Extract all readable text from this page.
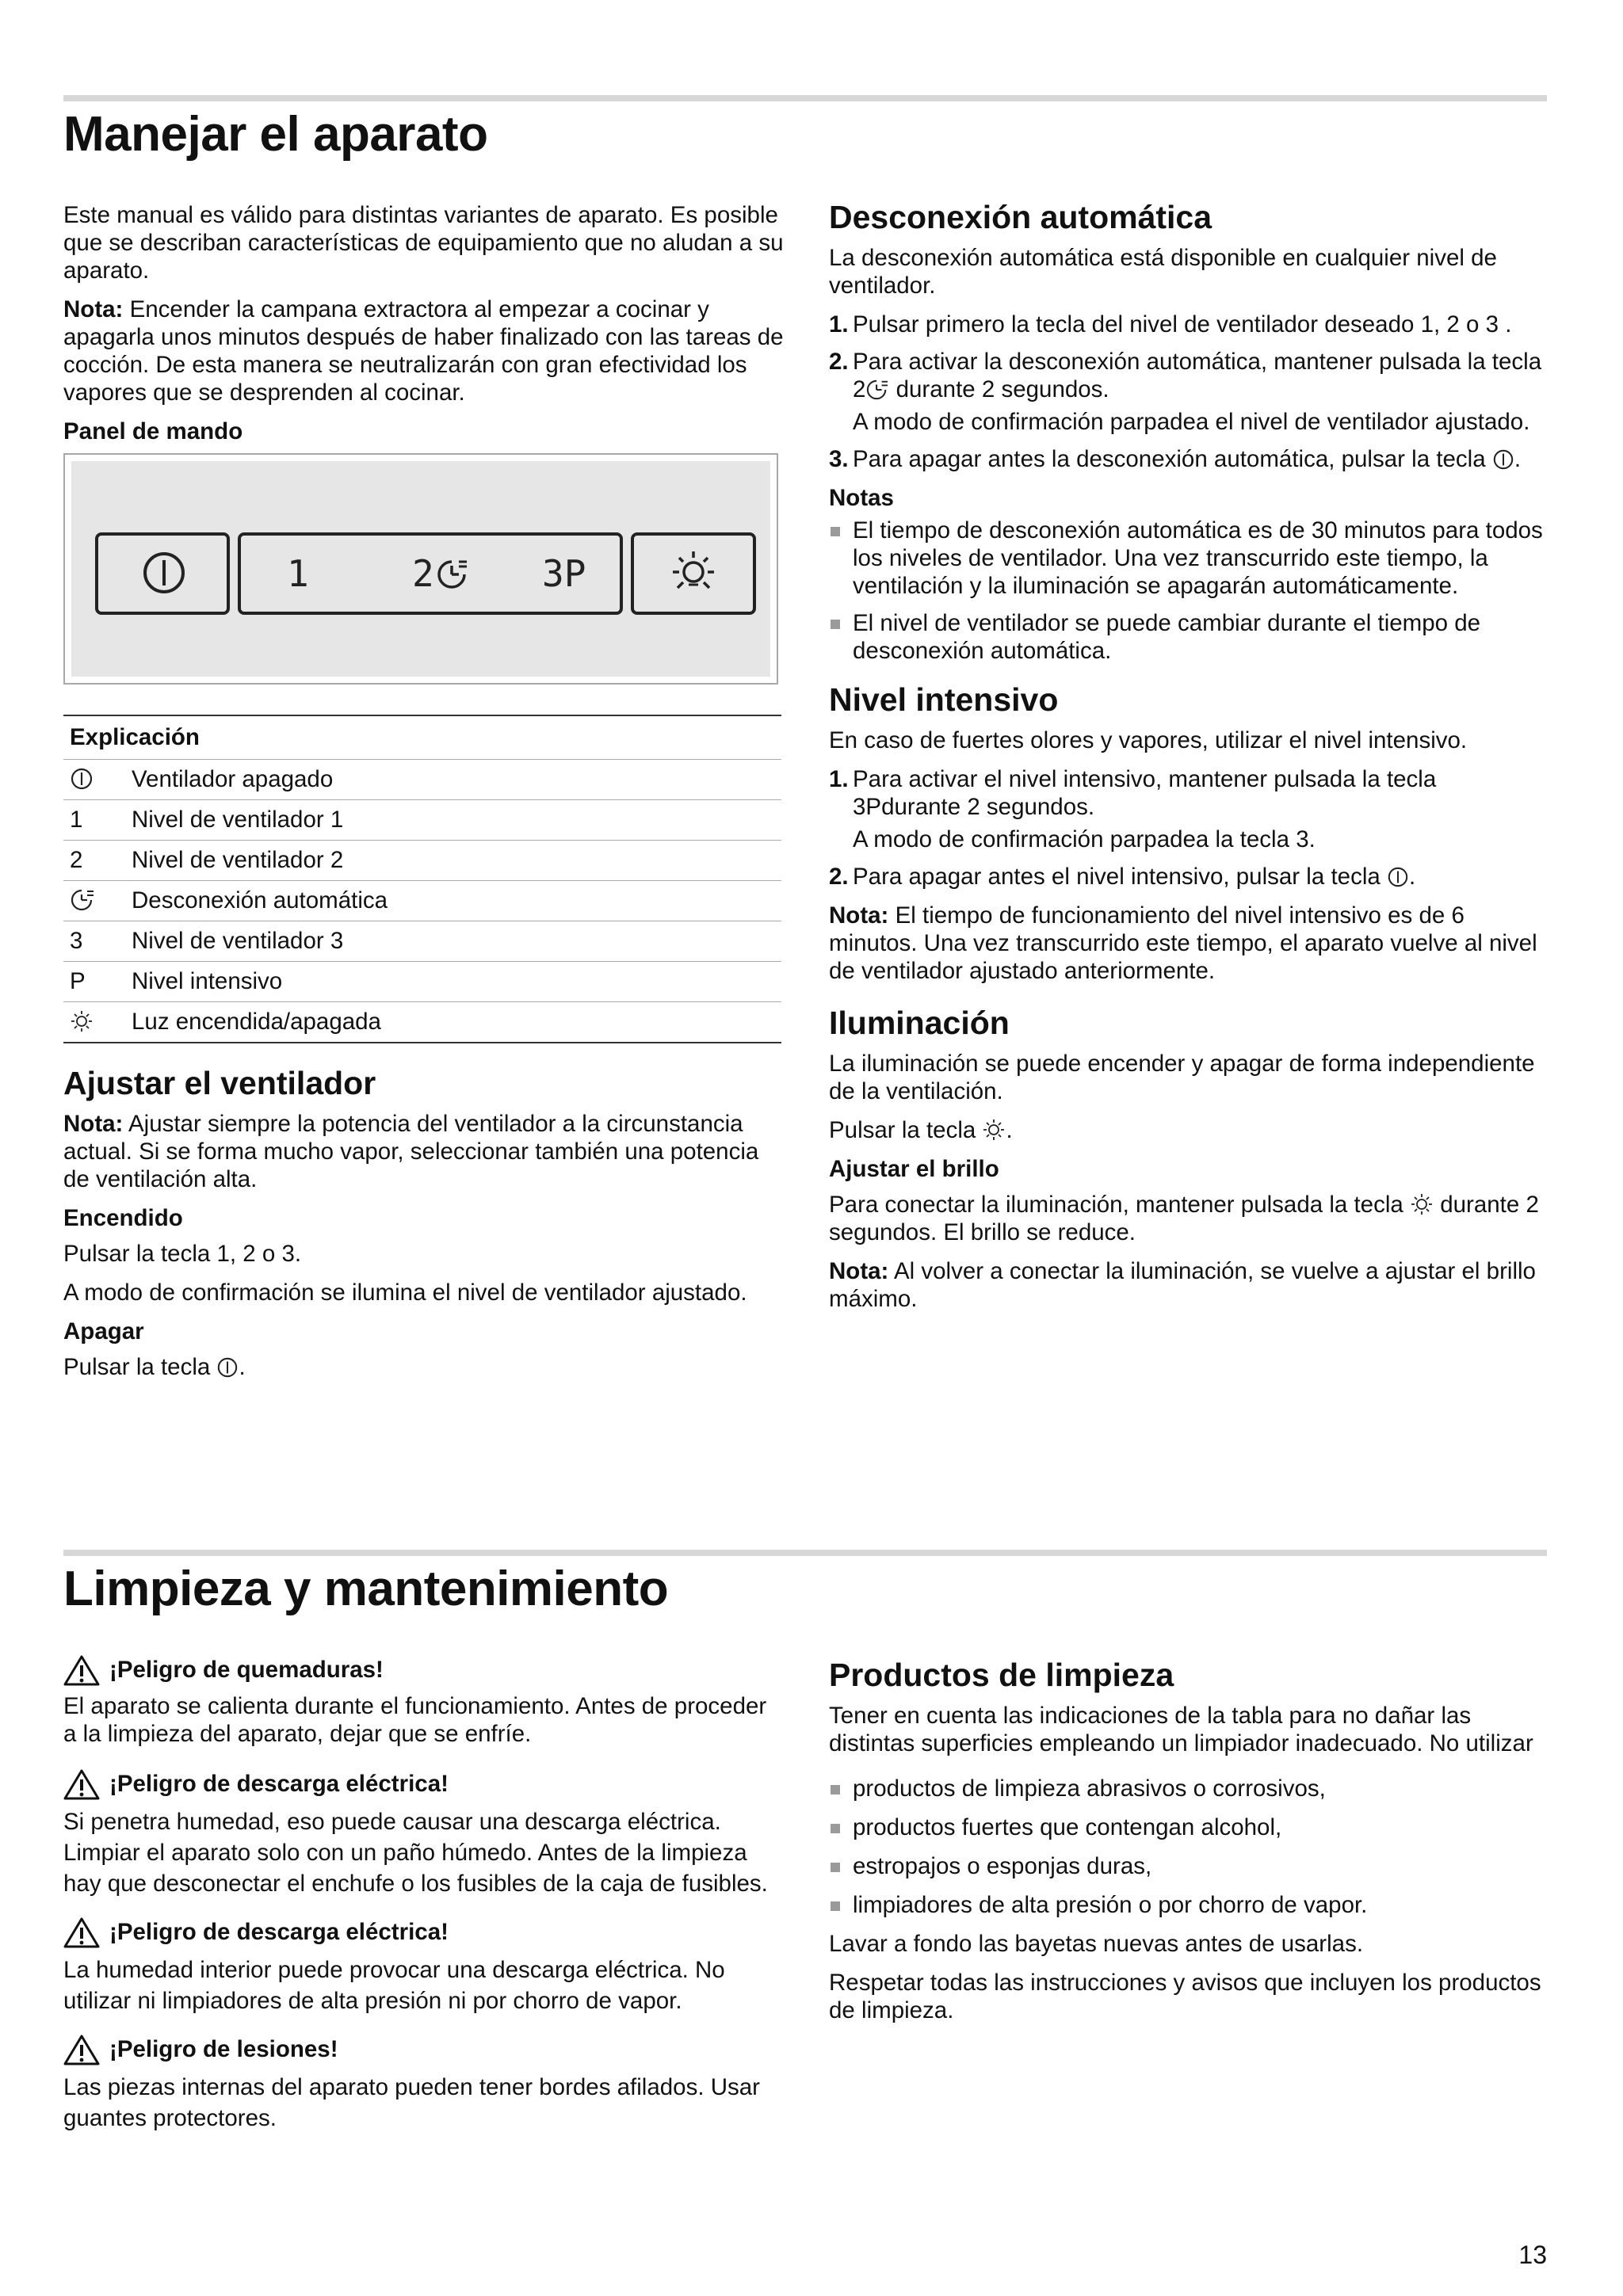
Manejar el aparato

Este manual es válido para distintas variantes de aparato. Es posible que se describan características de equipamiento que no aludan a su aparato.

Nota: Encender la campana extractora al empezar a cocinar y apagarla unos minutos después de haber finalizado con las tareas de cocción. De esta manera se neutralizarán con gran efectividad los vapores que se desprenden al cocinar.

Panel de mando
1	2	3P
Explicación	
	Ventilador apagado
1	Nivel de ventilador 1
2	Nivel de ventilador 2
	Desconexión automática
3	Nivel de ventilador 3
P	Nivel intensivo
	Luz encendida/apagada
Ajustar el ventilador

Nota: Ajustar siempre la potencia del ventilador a la circunstancia actual. Si se forma mucho vapor, seleccionar también una potencia de ventilación alta.

Encendido

Pulsar la tecla 1, 2 o 3.

A modo de confirmación se ilumina el nivel de ventilador ajustado.

Apagar

Pulsar la tecla .

Desconexión automática

La desconexión automática está disponible en cualquier nivel de ventilador.

1. Pulsar primero la tecla del nivel de ventilador deseado 1, 2 o 3 .
2. Para activar la desconexión automática, mantener pulsada la tecla 2 durante 2 segundos.
A modo de confirmación parpadea el nivel de ventilador ajustado.
3. Para apagar antes la desconexión automática, pulsar la tecla .
Notas
El tiempo de desconexión automática es de 30 minutos para todos los niveles de ventilador. Una vez transcurrido este tiempo, la ventilación y la iluminación se apagarán automáticamente.
El nivel de ventilador se puede cambiar durante el tiempo de desconexión automática.
Nivel intensivo

En caso de fuertes olores y vapores, utilizar el nivel intensivo.

1. Para activar el nivel intensivo, mantener pulsada la tecla 3Pdurante 2 segundos.
A modo de confirmación parpadea la tecla 3.
2. Para apagar antes el nivel intensivo, pulsar la tecla .

Nota: El tiempo de funcionamiento del nivel intensivo es de 6 minutos. Una vez transcurrido este tiempo, el aparato vuelve al nivel de ventilador ajustado anteriormente.

Iluminación

La iluminación se puede encender y apagar de forma independiente de la ventilación.

Pulsar la tecla .

Ajustar el brillo

Para conectar la iluminación, mantener pulsada la tecla  durante 2 segundos. El brillo se reduce.

Nota: Al volver a conectar la iluminación, se vuelve a ajustar el brillo máximo.

Limpieza y mantenimiento
¡Peligro de quemaduras!

El aparato se calienta durante el funcionamiento. Antes de proceder a la limpieza del aparato, dejar que se enfríe.

¡Peligro de descarga eléctrica!

Si penetra humedad, eso puede causar una descarga eléctrica. Limpiar el aparato solo con un paño húmedo. Antes de la limpieza hay que desconectar el enchufe o los fusibles de la caja de fusibles.

¡Peligro de descarga eléctrica!

La humedad interior puede provocar una descarga eléctrica. No utilizar ni limpiadores de alta presión ni por chorro de vapor.

¡Peligro de lesiones!

Las piezas internas del aparato pueden tener bordes afilados. Usar guantes protectores.

Productos de limpieza

Tener en cuenta las indicaciones de la tabla para no dañar las distintas superficies empleando un limpiador inadecuado. No utilizar

productos de limpieza abrasivos o corrosivos,
productos fuertes que contengan alcohol,
estropajos o esponjas duras,
limpiadores de alta presión o por chorro de vapor.

Lavar a fondo las bayetas nuevas antes de usarlas.

Respetar todas las instrucciones y avisos que incluyen los productos de limpieza.

13
